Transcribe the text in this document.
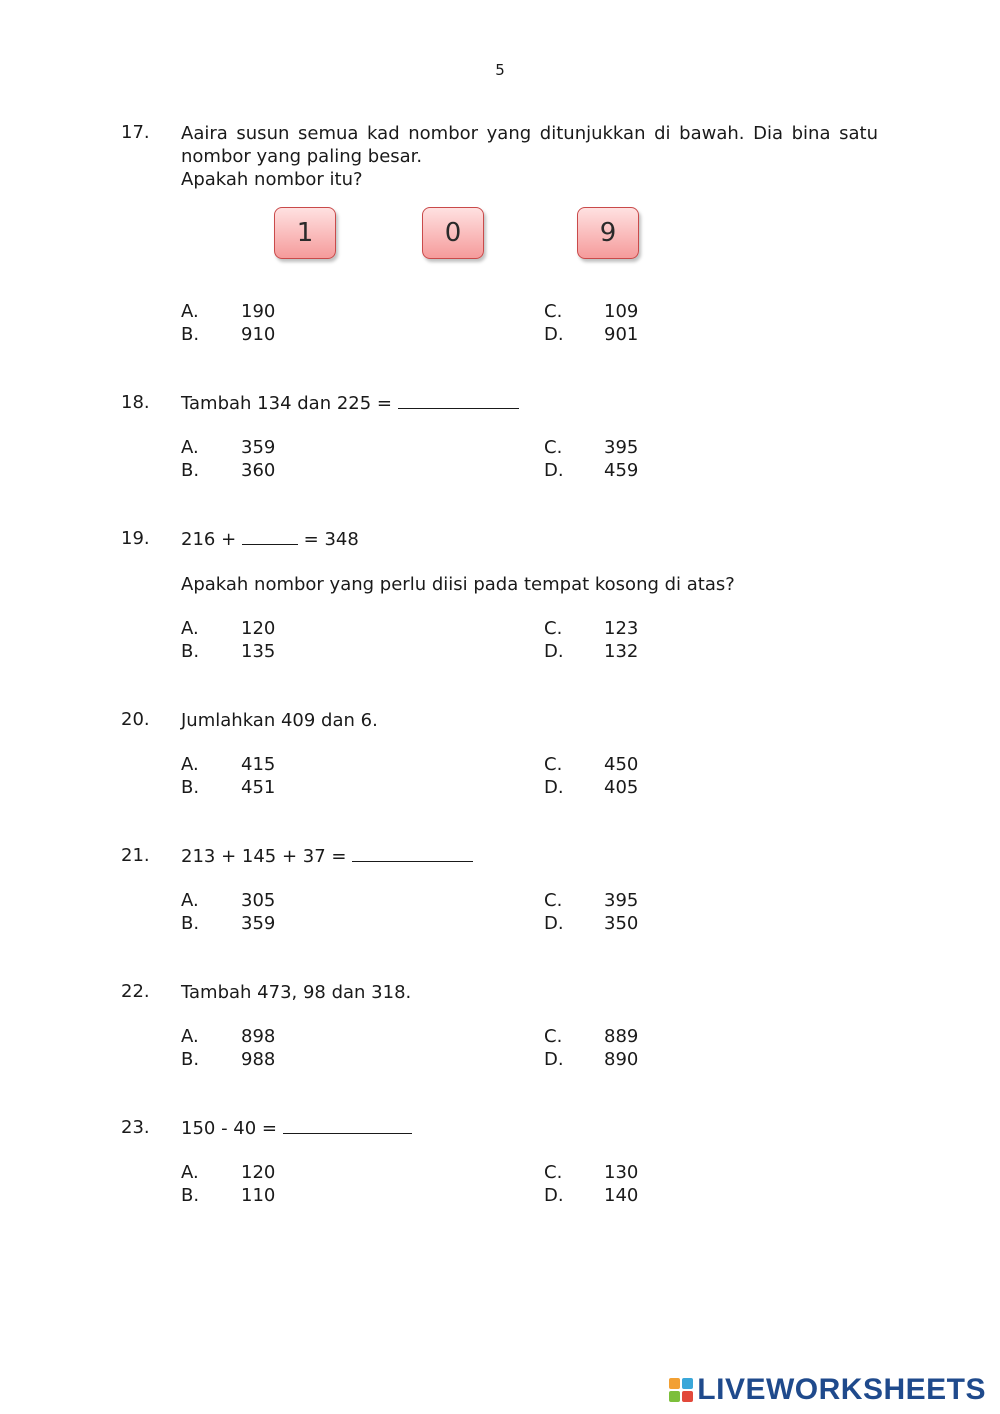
5
17. Aaira susun semua kad nombor yang ditunjukkan di bawah. Dia bina satu
nombor yang paling besar.
Apakah nombor itu?
1	0	9
A. 190
B. 910
C. 109
D. 901
18. Tambah 134 dan 225 =
A. 359
B. 360
C. 395
D. 459
19. 216 +	= 348
Apakah nombor yang perlu diisi pada tempat kosong di atas?
A. 120
B. 135
C. 123
D. 132
20. Jumlahkan 409 dan 6.
A. 415
B. 451
C. 450
D. 405
21. 213 + 145 + 37 =
A. 305
B. 359
C. 395
D. 350
22. Tambah 473, 98 dan 318.
A. 898
B. 988
C. 889
D. 890
23. 150 - 40 =
A. 120
B. 110
C. 130
D. 140
LIVEWORKSHEETS
